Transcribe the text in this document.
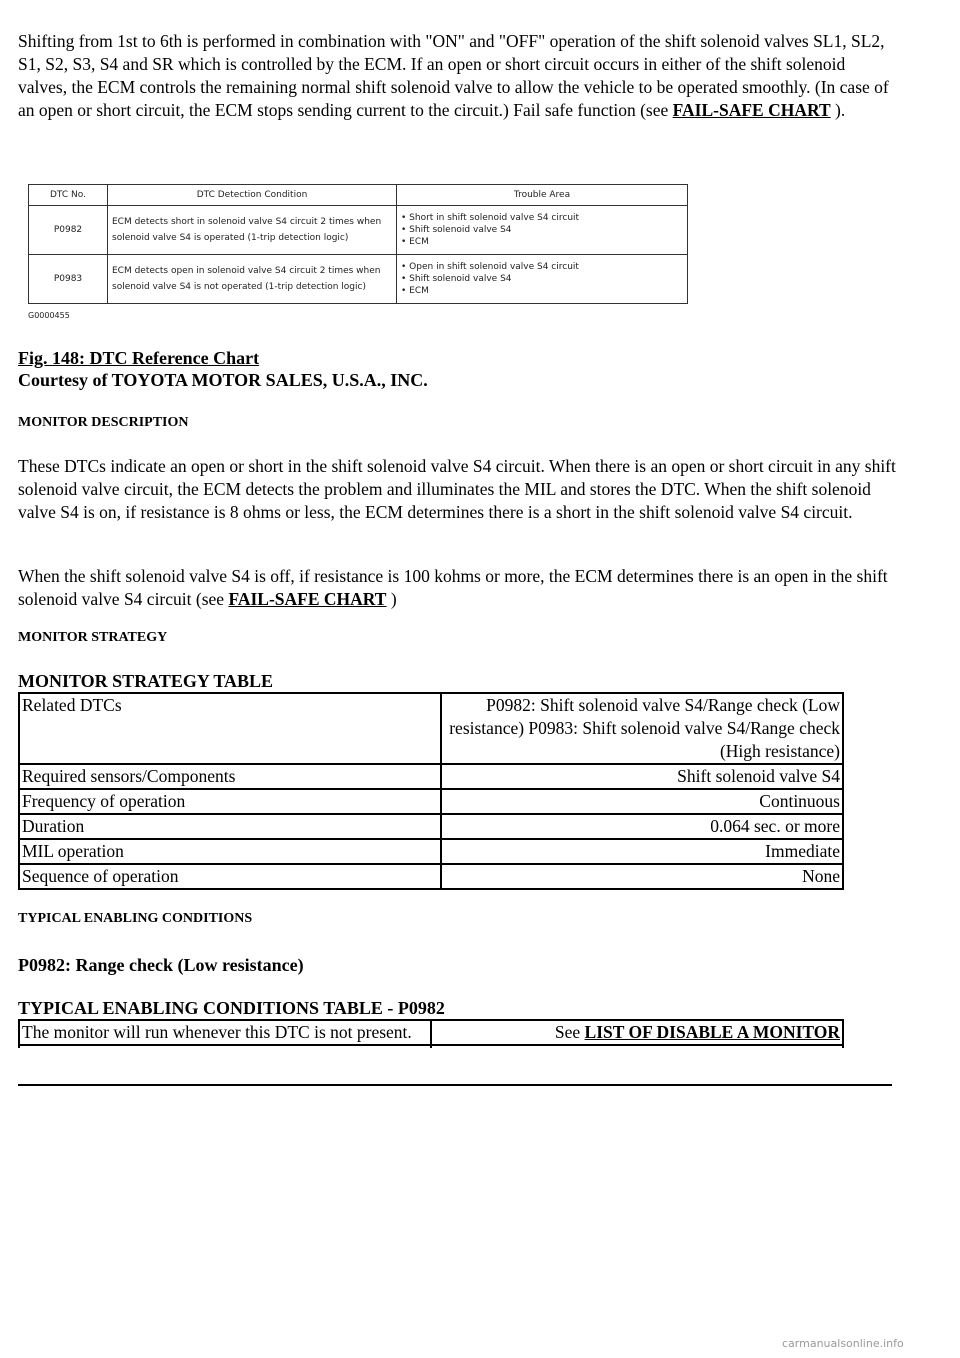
Shifting from 1st to 6th is performed in combination with "ON" and "OFF" operation of the shift solenoid valves SL1, SL2, S1, S2, S3, S4 and SR which is controlled by the ECM. If an open or short circuit occurs in either of the shift solenoid valves, the ECM controls the remaining normal shift solenoid valve to allow the vehicle to be operated smoothly. (In case of an open or short circuit, the ECM stops sending current to the circuit.) Fail safe function (see FAIL-SAFE CHART ).
DTC No.	DTC Detection Condition	Trouble Area
P0982	ECM detects short in solenoid valve S4 circuit 2 times when solenoid valve S4 is operated (1-trip detection logic)	• Short in shift solenoid valve S4 circuit
• Shift solenoid valve S4
• ECM

P0983	ECM detects open in solenoid valve S4 circuit 2 times when solenoid valve S4 is not operated (1-trip detection logic)	• Open in shift solenoid valve S4 circuit
• Shift solenoid valve S4
• ECM
G0000455
Fig. 148: DTC Reference Chart
Courtesy of TOYOTA MOTOR SALES, U.S.A., INC.
MONITOR DESCRIPTION
These DTCs indicate an open or short in the shift solenoid valve S4 circuit. When there is an open or short circuit in any shift solenoid valve circuit, the ECM detects the problem and illuminates the MIL and stores the DTC. When the shift solenoid valve S4 is on, if resistance is 8 ohms or less, the ECM determines there is a short in the shift solenoid valve S4 circuit.
When the shift solenoid valve S4 is off, if resistance is 100 kohms or more, the ECM determines there is an open in the shift solenoid valve S4 circuit (see FAIL-SAFE CHART )
MONITOR STRATEGY
MONITOR STRATEGY TABLE
Related DTCs	P0982: Shift solenoid valve S4/Range check (Low resistance) P0983: Shift solenoid valve S4/Range check (High resistance)
Required sensors/Components	Shift solenoid valve S4
Frequency of operation	Continuous
Duration	0.064 sec. or more
MIL operation	Immediate
Sequence of operation	None
TYPICAL ENABLING CONDITIONS
P0982: Range check (Low resistance)
TYPICAL ENABLING CONDITIONS TABLE - P0982
The monitor will run whenever this DTC is not present.	See LIST OF DISABLE A MONITOR

carmanualsonline.info
